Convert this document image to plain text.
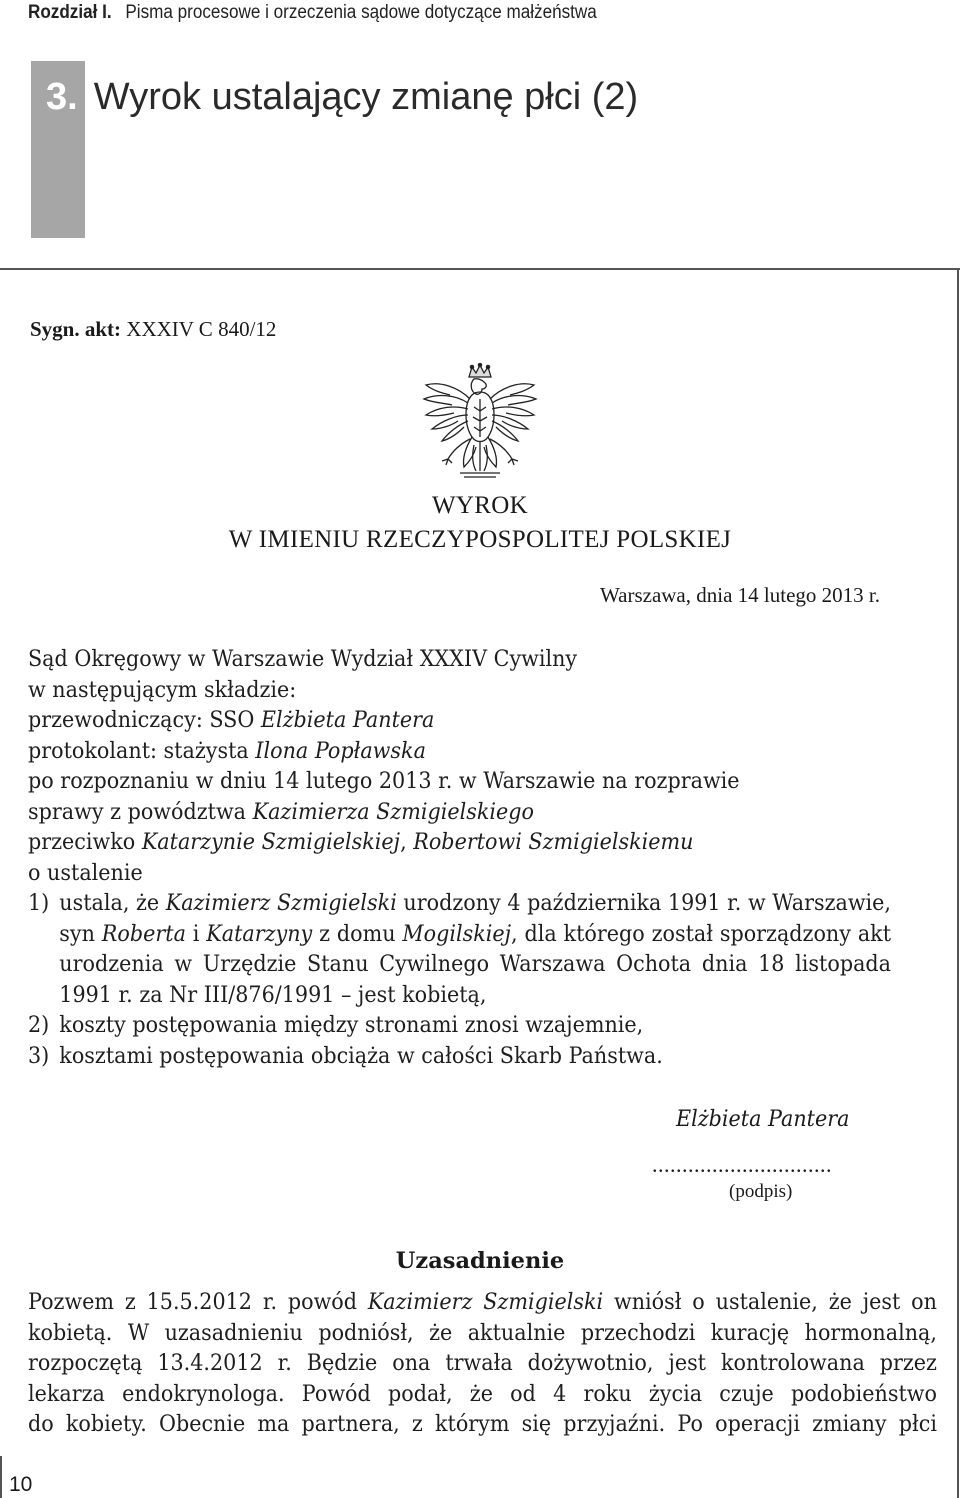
Rozdział I. Pisma procesowe i orzeczenia sądowe dotyczące małżeństwa
3. Wyrok ustalający zmianę płci (2)
Sygn. akt: XXXIV C 840/12
WYROK
W IMIENIU RZECZYPOSPOLITEJ POLSKIEJ
Warszawa, dnia 14 lutego 2013 r.
Sąd Okręgowy w Warszawie Wydział XXXIV Cywilny
w następującym składzie:
przewodniczący: SSO Elżbieta Pantera
protokolant: stażysta Ilona Popławska
po rozpoznaniu w dniu 14 lutego 2013 r. w Warszawie na rozprawie
sprawy z powództwa Kazimierza Szmigielskiego
przeciwko Katarzynie Szmigielskiej, Robertowi Szmigielskiemu
o ustalenie
1) ustala, że Kazimierz Szmigielski urodzony 4 października 1991 r. w Warszawie,
syn Roberta i Katarzyny z domu Mogilskiej, dla którego został sporządzony akt
urodzenia w Urzędzie Stanu Cywilnego Warszawa Ochota dnia 18 listopada
1991 r. za Nr III/876/1991 – jest kobietą,
2) koszty postępowania między stronami znosi wzajemnie,
3) kosztami postępowania obciąża w całości Skarb Państwa.
Elżbieta Pantera
..............................
(podpis)
Uzasadnienie
Pozwem z 15.5.2012 r. powód Kazimierz Szmigielski wniósł o ustalenie, że jest on
kobietą. W uzasadnieniu podniósł, że aktualnie przechodzi kurację hormonalną,
rozpoczętą 13.4.2012 r. Będzie ona trwała dożywotnio, jest kontrolowana przez
lekarza endokrynologa. Powód podał, że od 4 roku życia czuje podobieństwo
do kobiety. Obecnie ma partnera, z którym się przyjaźni. Po operacji zmiany płci
10
